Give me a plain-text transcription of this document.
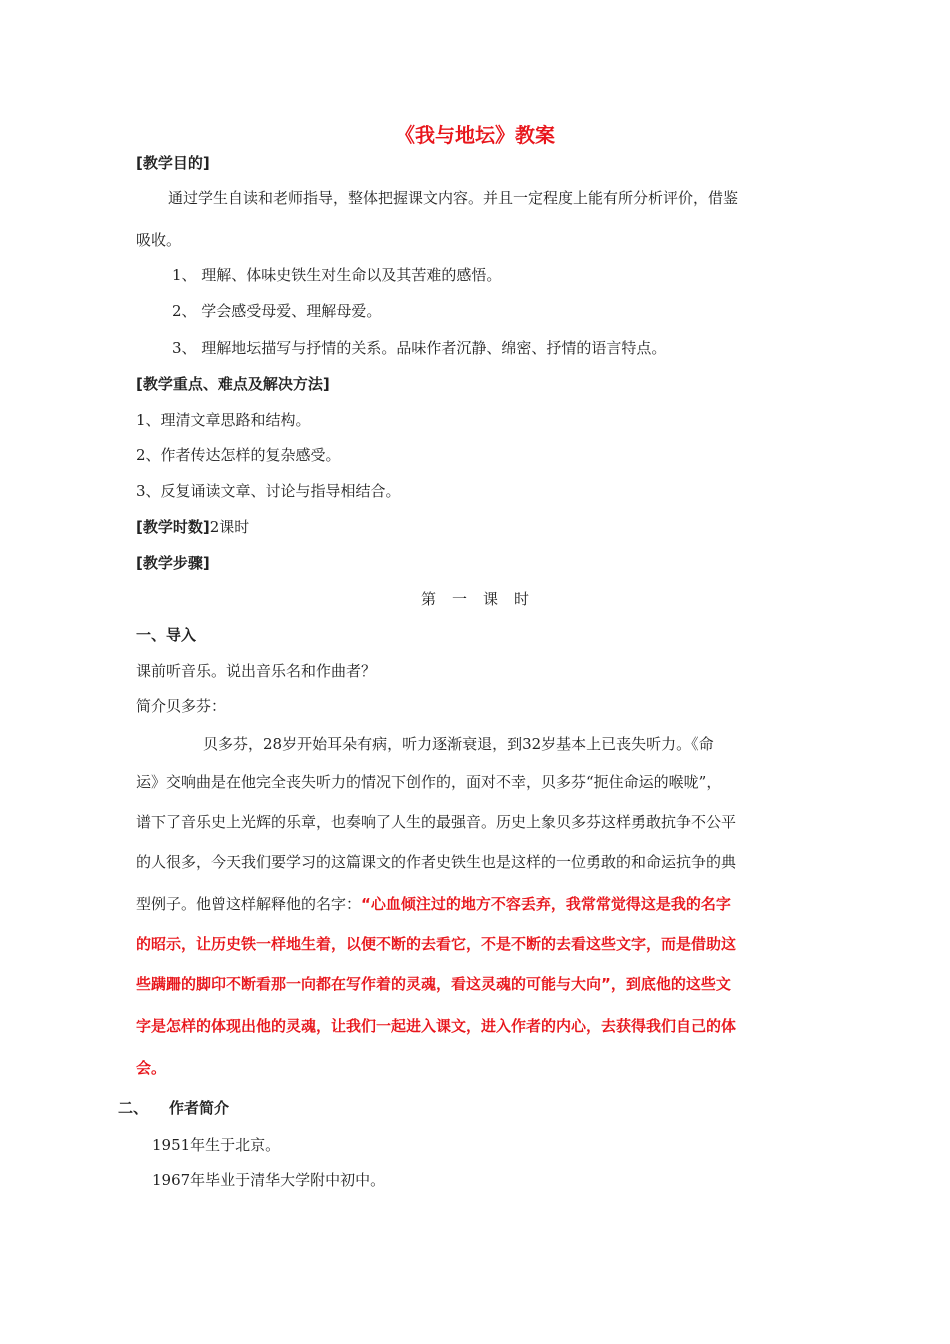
《我与地坛》教案
[教学目的]
通过学生自读和老师指导，整体把握课文内容。并且一定程度上能有所分析评价，借鉴
吸收。
1、 理解、体味史铁生对生命以及其苦难的感悟。
2、 学会感受母爱、理解母爱。
3、 理解地坛描写与抒情的关系。品味作者沉静、绵密、抒情的语言特点。
[教学重点、难点及解决方法]
1、理清文章思路和结构。
2、作者传达怎样的复杂感受。
3、反复诵读文章、讨论与指导相结合。
[教学时数]2课时
[教学步骤]
第一课时
一、导入
课前听音乐。说出音乐名和作曲者？
简介贝多芬：
贝多芬，28岁开始耳朵有病，听力逐渐衰退，到32岁基本上已丧失听力。《命
运》交响曲是在他完全丧失听力的情况下创作的，面对不幸，贝多芬“扼住命运的喉咙”，
谱下了音乐史上光辉的乐章，也奏响了人生的最强音。历史上象贝多芬这样勇敢抗争不公平
的人很多，今天我们要学习的这篇课文的作者史铁生也是这样的一位勇敢的和命运抗争的典
型例子。他曾这样解释他的名字：“心血倾注过的地方不容丢弃，我常常觉得这是我的名字
的昭示，让历史铁一样地生着，以便不断的去看它，不是不断的去看这些文字，而是借助这
些蹒跚的脚印不断看那一向都在写作着的灵魂，看这灵魂的可能与大向”，到底他的这些文
字是怎样的体现出他的灵魂，让我们一起进入课文，进入作者的内心，去获得我们自己的体
会。
二、 作者简介
1951年生于北京。
1967年毕业于清华大学附中初中。
